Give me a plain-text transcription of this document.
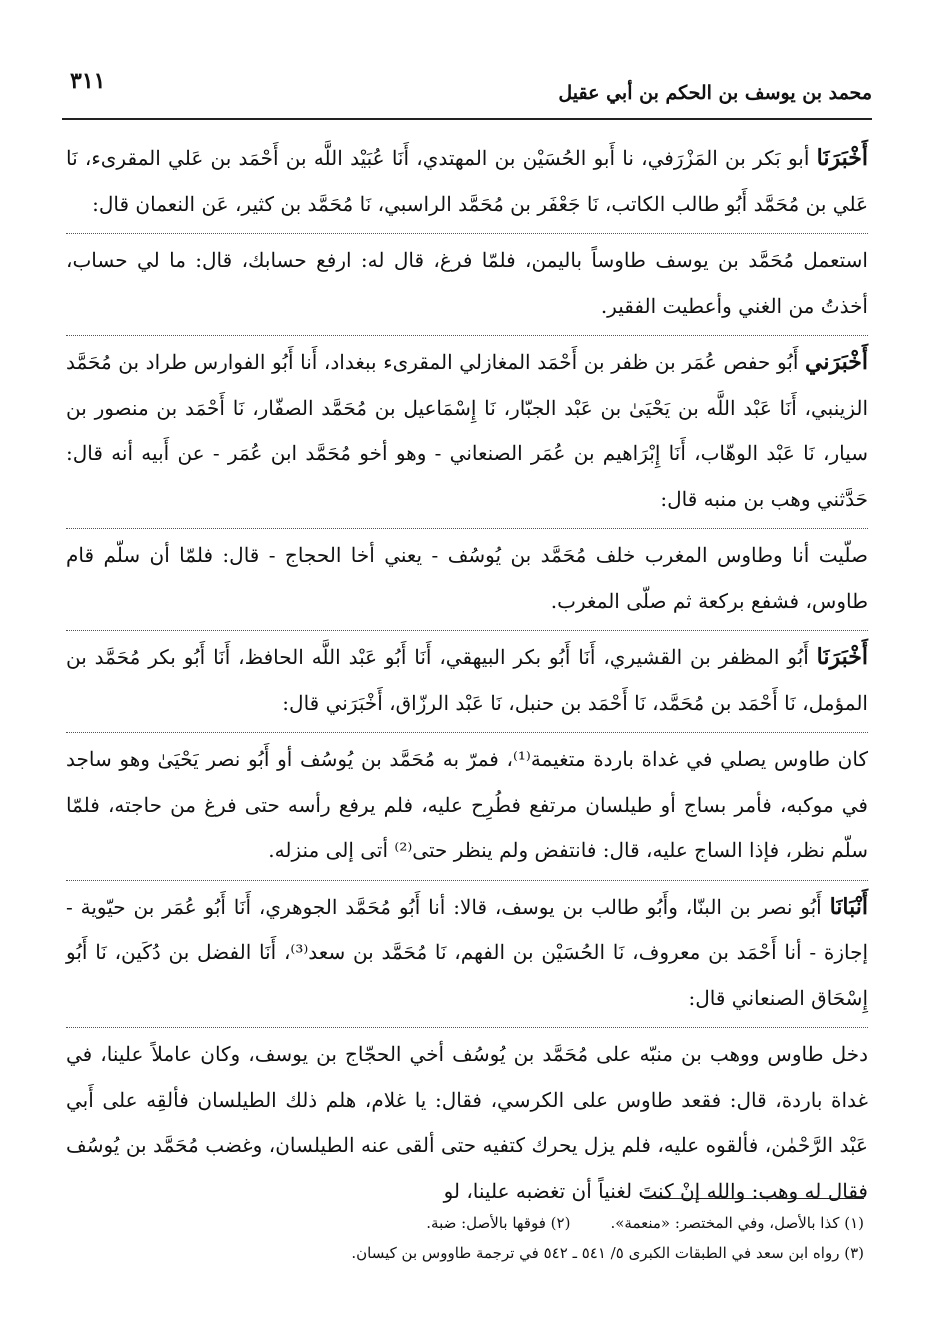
محمد بن يوسف بن الحكم بن أبي عقيل
٣١١

أَخْبَرَنَا أبو بَكر بن المَزْرَفي، نا أَبو الحُسَيْن بن المهتدي، أَنَا عُبَيْد اللَّه بن أَحْمَد بن عَلي المقرىء، نَا عَلي بن مُحَمَّد أَبُو طالب الكاتب، نَا جَعْفَر بن مُحَمَّد الراسبي، نَا مُحَمَّد بن كثير، عَن النعمان قال:

استعمل مُحَمَّد بن يوسف طاوساً باليمن، فلمّا فرغ، قال له: ارفع حسابك، قال: ما لي حساب، أخذتُ من الغني وأعطيت الفقير.

أَخْبَرَني أَبُو حفص عُمَر بن ظفر بن أَحْمَد المغازلي المقرىء ببغداد، أَنا أَبُو الفوارس طراد بن مُحَمَّد الزينبي، أَنَا عَبْد اللَّه بن يَحْيَىٰ بن عَبْد الجبّار، نَا إِسْمَاعيل بن مُحَمَّد الصفّار، نَا أَحْمَد بن منصور بن سيار، نَا عَبْد الوهّاب، أَنَا إِبْرَاهيم بن عُمَر الصنعاني - وهو أخو مُحَمَّد ابن عُمَر - عن أَبيه أنه قال: حَدَّثني وهب بن منبه قال:

صلّيت أنا وطاوس المغرب خلف مُحَمَّد بن يُوسُف - يعني أخا الحجاج - قال: فلمّا أن سلّم قام طاوس، فشفع بركعة ثم صلّى المغرب.

أَخْبَرَنَا أَبُو المظفر بن القشيري، أَنَا أَبُو بكر البيهقي، أَنَا أَبُو عَبْد اللَّه الحافظ، أَنَا أَبُو بكر مُحَمَّد بن المؤمل، نَا أَحْمَد بن مُحَمَّد، نَا أَحْمَد بن حنبل، نَا عَبْد الرزّاق، أَخْبَرَني قال:

كان طاوس يصلي في غداة باردة متغيمة⁽¹⁾، فمرّ به مُحَمَّد بن يُوسُف أو أَبُو نصر يَحْيَىٰ وهو ساجد في موكبه، فأمر بساج أو طيلسان مرتفع فطُرِح عليه، فلم يرفع رأسه حتى فرغ من حاجته، فلمّا سلّم نظر، فإذا الساج عليه، قال: فانتفض ولم ينظر حتى⁽²⁾ أتى إلى منزله.

أَنْبَانَا أَبُو نصر بن البنّا، وأَبُو طالب بن يوسف، قالا: أنا أَبُو مُحَمَّد الجوهري، أَنَا أَبُو عُمَر بن حيّوية - إجازة - أنا أَحْمَد بن معروف، نَا الحُسَيْن بن الفهم، نَا مُحَمَّد بن سعد⁽³⁾، أَنَا الفضل بن دُكَين، نَا أَبُو إِسْحَاق الصنعاني قال:

دخل طاوس ووهب بن منبّه على مُحَمَّد بن يُوسُف أخي الحجّاج بن يوسف، وكان عاملاً علينا، في غداة باردة، قال: فقعد طاوس على الكرسي، فقال: يا غلام، هلم ذلك الطيلسان فألقِه على أَبي عَبْد الرَّحْمٰن، فألقوه عليه، فلم يزل يحرك كتفيه حتى ألقى عنه الطيلسان، وغضب مُحَمَّد بن يُوسُف فقال له وهب: والله إنْ كنتَ لغنياً أن تغضبه علينا، لو

(١) كذا بالأصل، وفي المختصر: «منعمة».
(٢) فوقها بالأصل: ضبة.
(٣) رواه ابن سعد في الطبقات الكبرى ٥/ ٥٤١ ـ ٥٤٢ في ترجمة طاووس بن كيسان.
